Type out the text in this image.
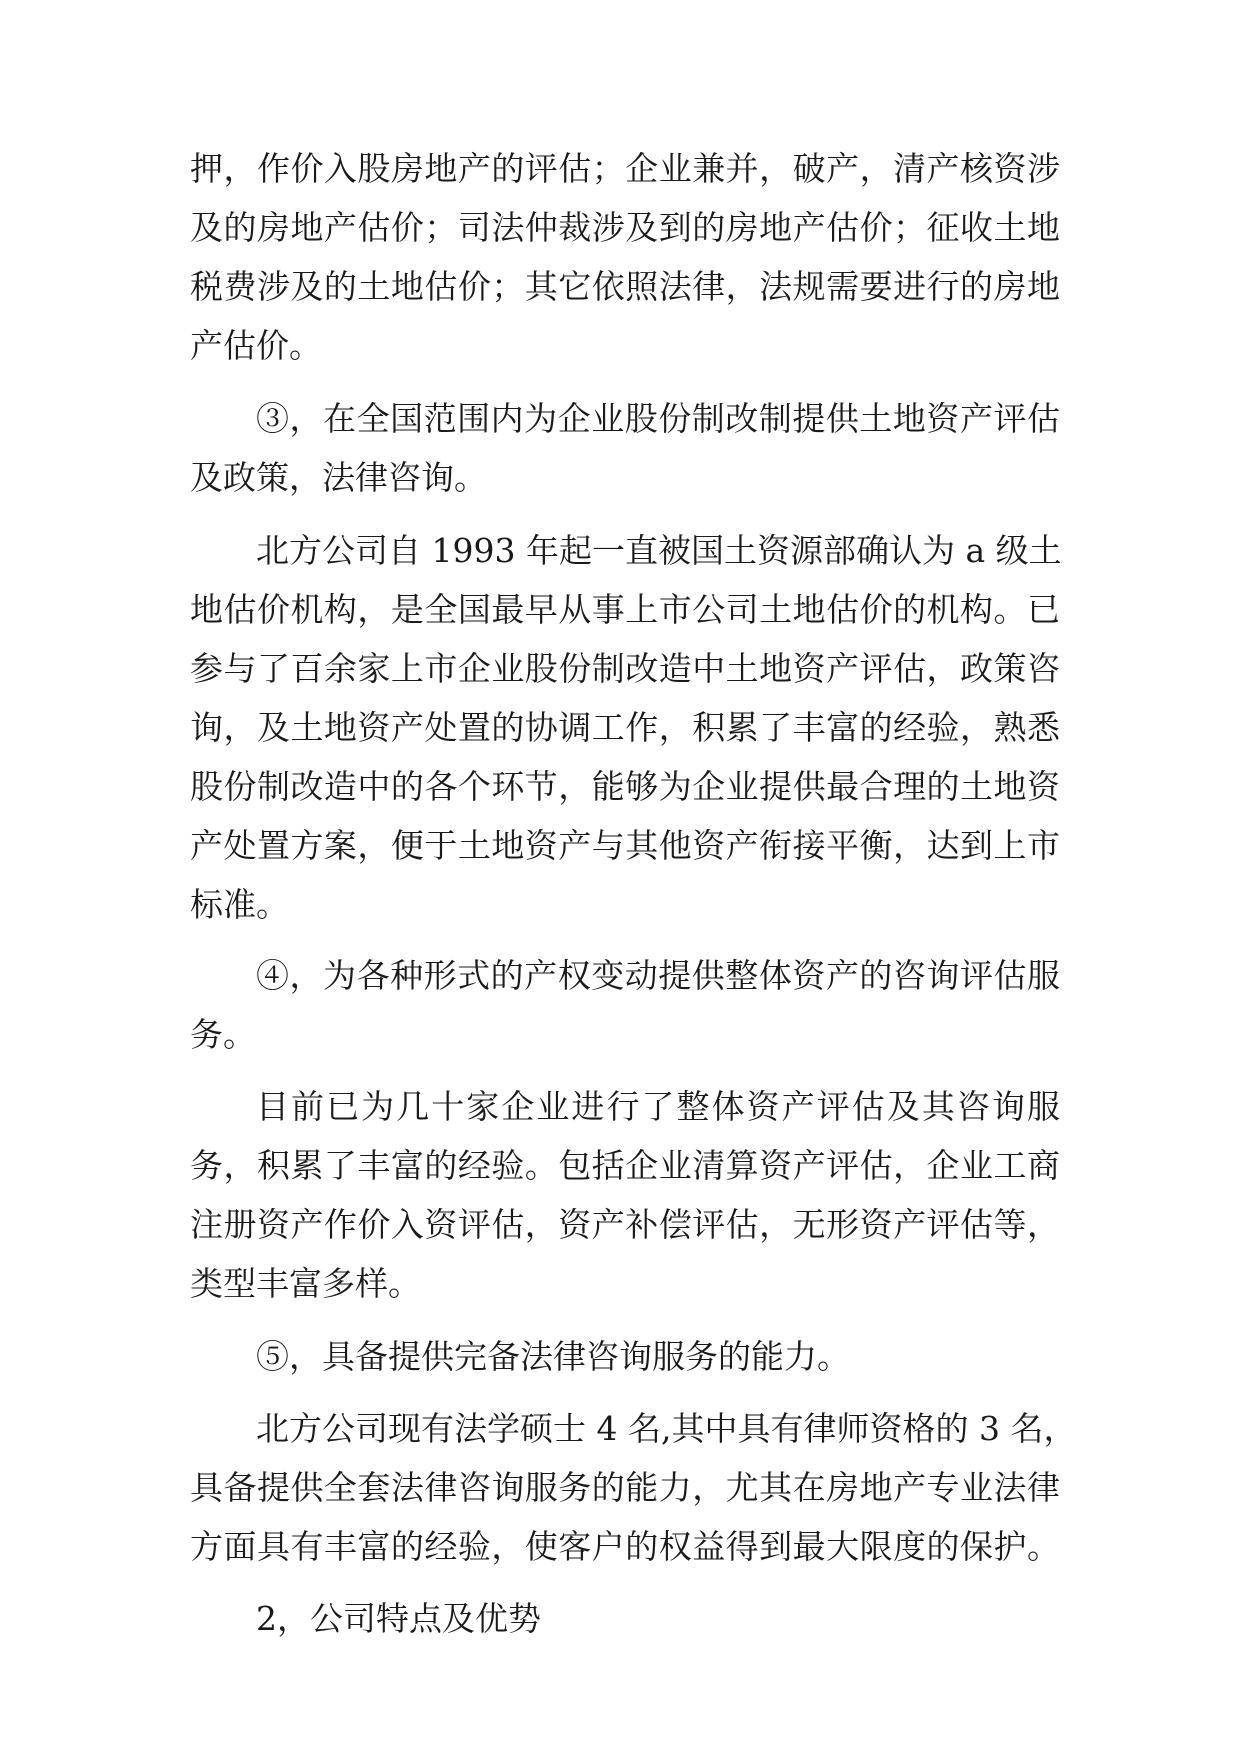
押，作价入股房地产的评估；企业兼并，破产，清产核资涉
及的房地产估价；司法仲裁涉及到的房地产估价；征收土地
税费涉及的土地估价；其它依照法律，法规需要进行的房地
产估价。
③，在全国范围内为企业股份制改制提供土地资产评估
及政策，法律咨询。
北方公司自 1993 年起一直被国土资源部确认为 a 级土
地估价机构，是全国最早从事上市公司土地估价的机构。已
参与了百余家上市企业股份制改造中土地资产评估，政策咨
询，及土地资产处置的协调工作，积累了丰富的经验，熟悉
股份制改造中的各个环节，能够为企业提供最合理的土地资
产处置方案，便于土地资产与其他资产衔接平衡，达到上市
标准。
④，为各种形式的产权变动提供整体资产的咨询评估服
务。
目前已为几十家企业进行了整体资产评估及其咨询服
务，积累了丰富的经验。包括企业清算资产评估，企业工商
注册资产作价入资评估，资产补偿评估，无形资产评估等，
类型丰富多样。
⑤，具备提供完备法律咨询服务的能力。
北方公司现有法学硕士 4 名,其中具有律师资格的 3 名，
具备提供全套法律咨询服务的能力，尤其在房地产专业法律
方面具有丰富的经验，使客户的权益得到最大限度的保护。
2，公司特点及优势
